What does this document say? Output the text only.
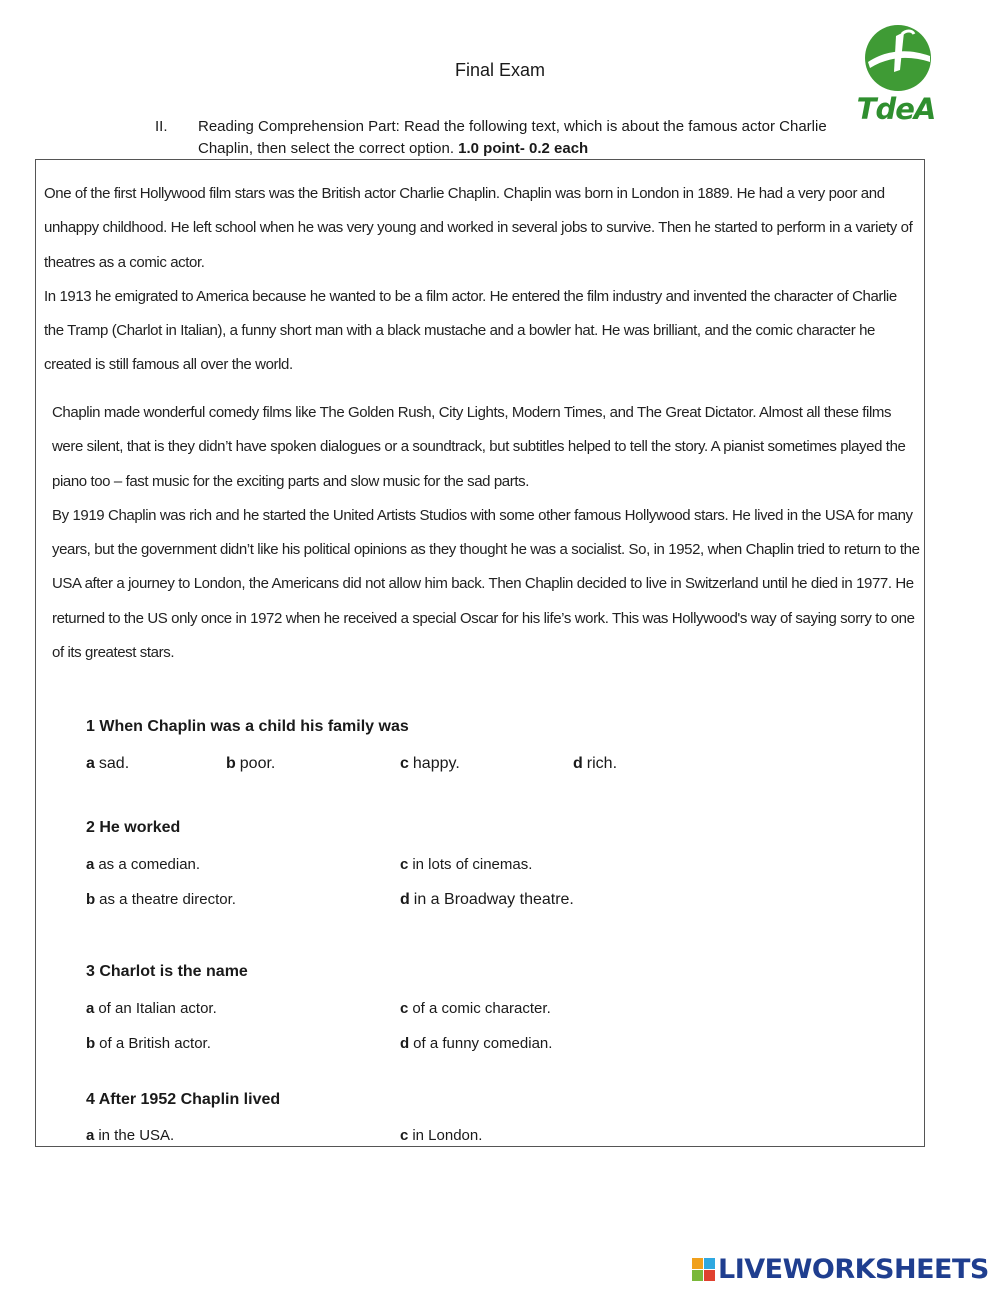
Final Exam
TdeA
II. Reading Comprehension Part: Read the following text, which is about the famous actor Charlie Chaplin, then select the correct option. 1.0 point- 0.2 each
One of the first Hollywood film stars was the British actor Charlie Chaplin. Chaplin was born in London in 1889. He had a very poor and unhappy childhood. He left school when he was very young and worked in several jobs to survive. Then he started to perform in a variety of theatres as a comic actor.
In 1913 he emigrated to America because he wanted to be a film actor. He entered the film industry and invented the character of Charlie the Tramp (Charlot in Italian), a funny short man with a black mustache and a bowler hat. He was brilliant, and the comic character he created is still famous all over the world.
Chaplin made wonderful comedy films like The Golden Rush, City Lights, Modern Times, and The Great Dictator. Almost all these films were silent, that is they didn’t have spoken dialogues or a soundtrack, but subtitles helped to tell the story. A pianist sometimes played the piano too – fast music for the exciting parts and slow music for the sad parts.
By 1919 Chaplin was rich and he started the United Artists Studios with some other famous Hollywood stars. He lived in the USA for many years, but the government didn’t like his political opinions as they thought he was a socialist. So, in 1952, when Chaplin tried to return to the USA after a journey to London, the Americans did not allow him back. Then Chaplin decided to live in Switzerland until he died in 1977. He returned to the US only once in 1972 when he received a special Oscar for his life’s work. This was Hollywood's way of saying sorry to one of its greatest stars.
1 When Chaplin was a child his family was
a sad.	b poor.	c happy.	d rich.
2 He worked
a as a comedian.
b as a theatre director.
c in lots of cinemas.
d in a Broadway theatre.
3 Charlot is the name
a of an Italian actor.
b of a British actor.
c of a comic character.
d of a funny comedian.
4 After 1952 Chaplin lived
a in the USA.	c in London.
LIVEWORKSHEETS
